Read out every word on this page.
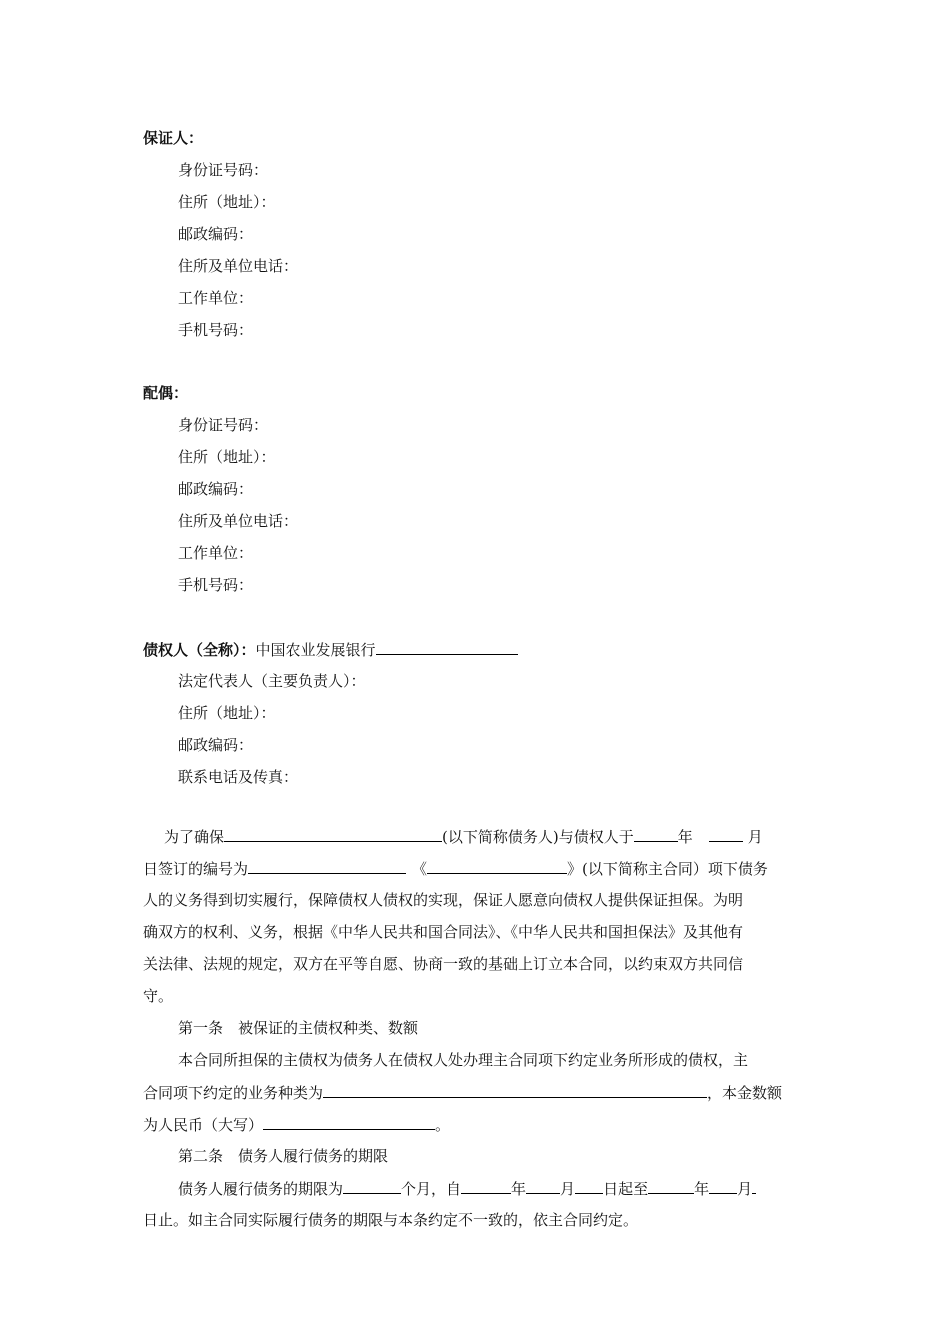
保证人：
身份证号码：
住所（地址）：
邮政编码：
住所及单位电话：
工作单位：
手机号码：
配偶：
身份证号码：
住所（地址）：
邮政编码：
住所及单位电话：
工作单位：
手机号码：
债权人（全称）：中国农业发展银行
法定代表人（主要负责人）：
住所（地址）：
邮政编码：
联系电话及传真：
为了确保	(以下简称债务人)与债权人于	年	月
日签订的编号为	《	》(以下简称主合同）项下债务
人的义务得到切实履行，保障债权人债权的实现，保证人愿意向债权人提供保证担保。为明
确双方的权利、义务，根据《中华人民共和国合同法》、《中华人民共和国担保法》及其他有
关法律、法规的规定，双方在平等自愿、协商一致的基础上订立本合同，以约束双方共同信
守。
第一条　被保证的主债权种类、数额
本合同所担保的主债权为债务人在债权人处办理主合同项下约定业务所形成的债权，主
合同项下约定的业务种类为	，本金数额
为人民币（大写）	。
第二条　债务人履行债务的期限
债务人履行债务的期限为	个月，自	年 月 日起至	年 月
日止。如主合同实际履行债务的期限与本条约定不一致的，依主合同约定。
